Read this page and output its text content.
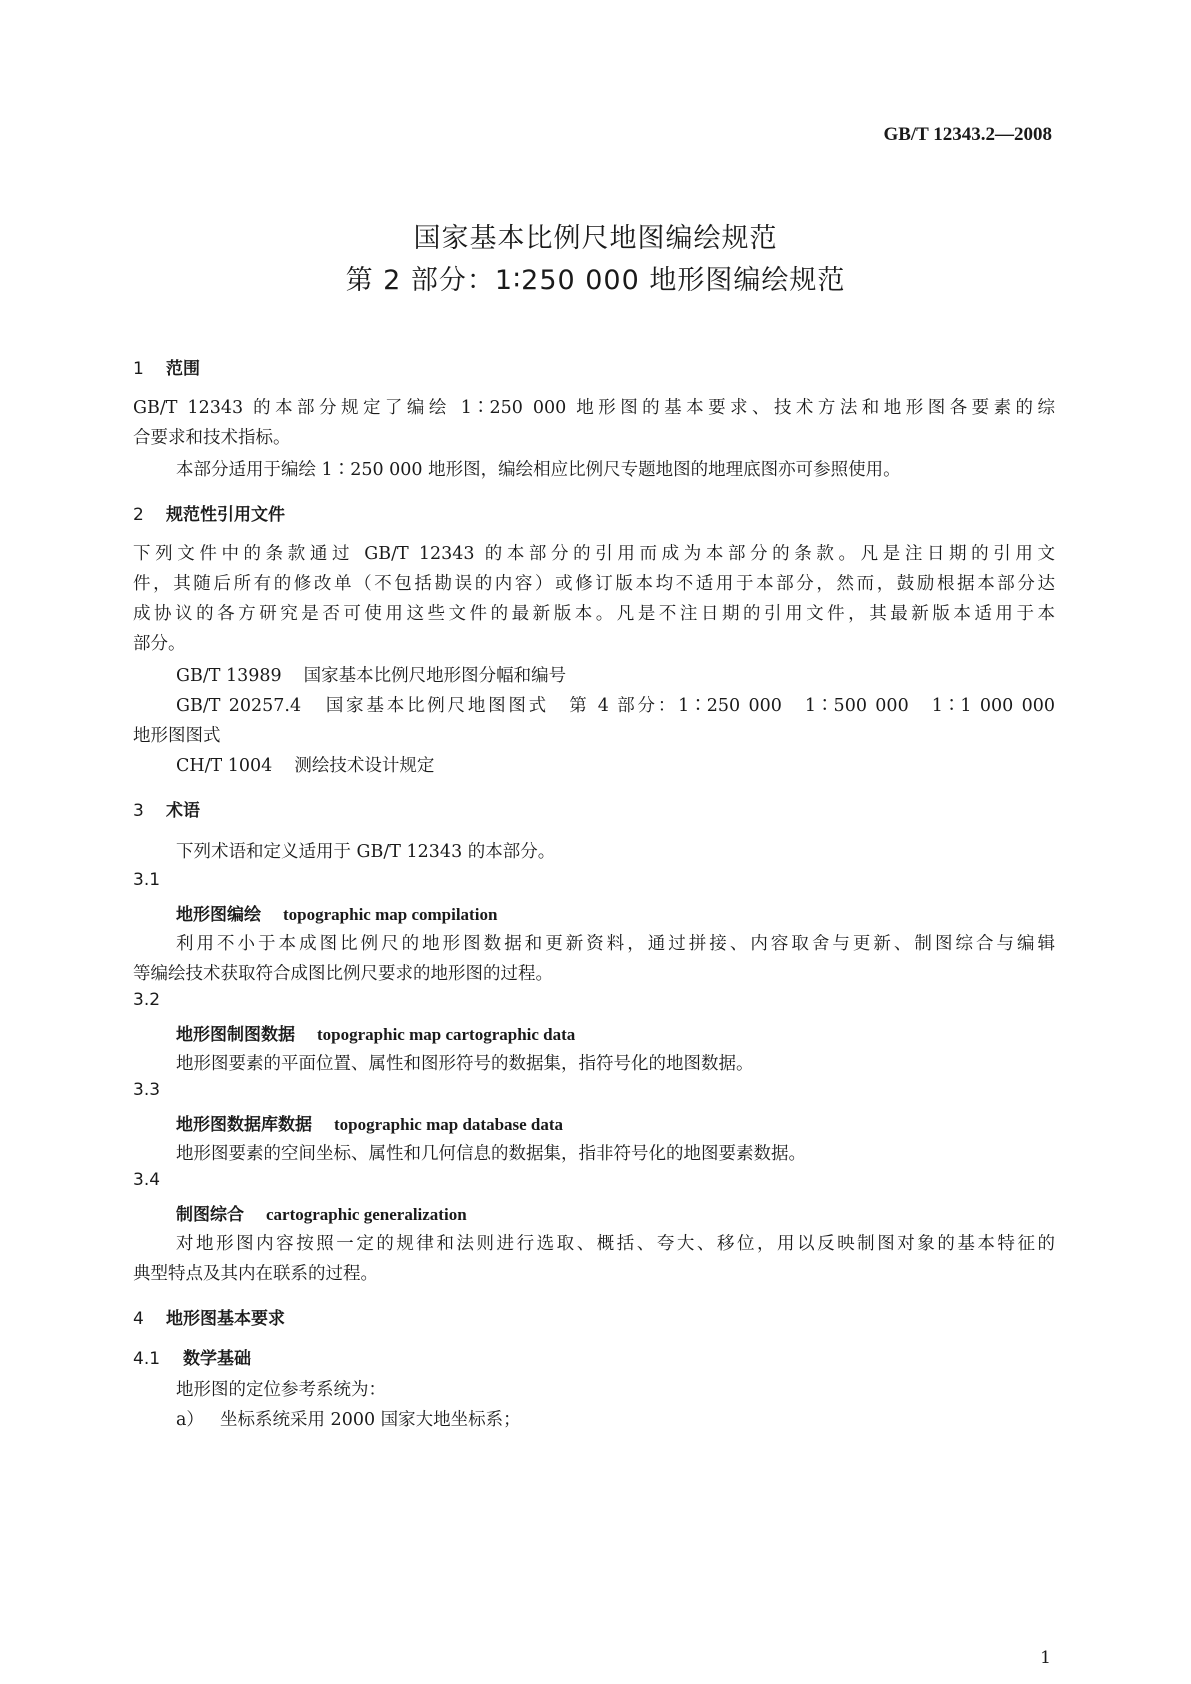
GB/T 12343.2—2008
国家基本比例尺地图编绘规范
第 2 部分：1∶250 000 地形图编绘规范
1 范围
GB/T 12343 的本部分规定了编绘 1∶250 000 地形图的基本要求、技术方法和地形图各要素的综
合要求和技术指标。
本部分适用于编绘 1∶250 000 地形图，编绘相应比例尺专题地图的地理底图亦可参照使用。
2 规范性引用文件
下列文件中的条款通过 GB/T 12343 的本部分的引用而成为本部分的条款。凡是注日期的引用文
件，其随后所有的修改单（不包括勘误的内容）或修订版本均不适用于本部分，然而，鼓励根据本部分达
成协议的各方研究是否可使用这些文件的最新版本。凡是不注日期的引用文件，其最新版本适用于本
部分。
GB/T 13989 国家基本比例尺地形图分幅和编号
GB/T 20257.4 国家基本比例尺地图图式　第 4 部分：1∶250 000　1∶500 000　1∶1 000 000
地形图图式
CH/T 1004 测绘技术设计规定
3 术语
下列术语和定义适用于 GB/T 12343 的本部分。
3.1
地形图编绘 topographic map compilation
利用不小于本成图比例尺的地形图数据和更新资料，通过拼接、内容取舍与更新、制图综合与编辑
等编绘技术获取符合成图比例尺要求的地形图的过程。
3.2
地形图制图数据 topographic map cartographic data
地形图要素的平面位置、属性和图形符号的数据集，指符号化的地图数据。
3.3
地形图数据库数据 topographic map database data
地形图要素的空间坐标、属性和几何信息的数据集，指非符号化的地图要素数据。
3.4
制图综合 cartographic generalization
对地形图内容按照一定的规律和法则进行选取、概括、夸大、移位，用以反映制图对象的基本特征的
典型特点及其内在联系的过程。
4 地形图基本要求
4.1 数学基础
地形图的定位参考系统为：
a） 坐标系统采用 2000 国家大地坐标系；
1
